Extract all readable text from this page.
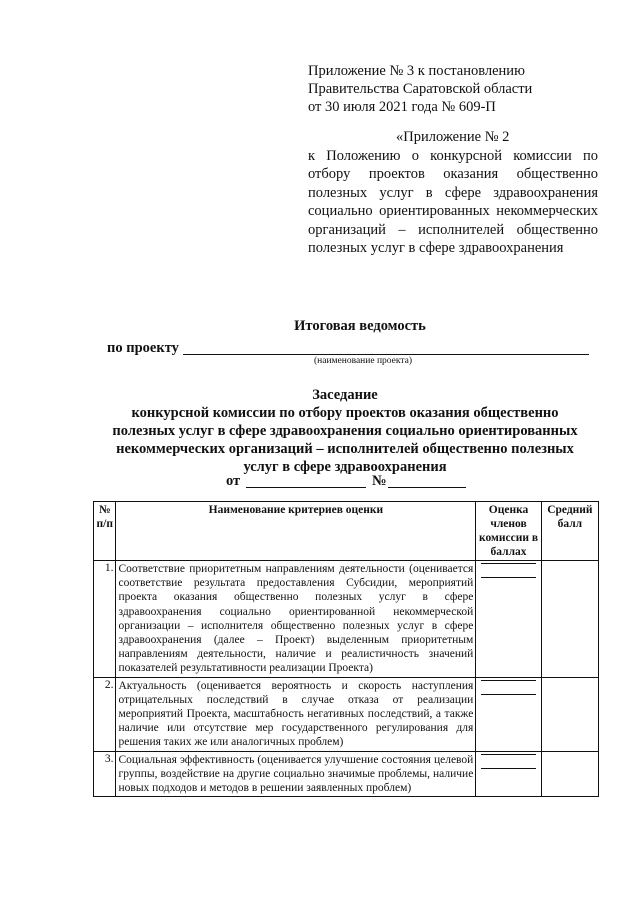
Приложение № 3 к постановлению
Правительства Саратовской области
от 30 июля 2021 года № 609-П
«Приложение № 2
к Положению о конкурсной комиссии по отбору проектов оказания общественно полезных услуг в сфере здравоохранения социально ориентированных некоммерческих организаций – исполнителей общественно полезных услуг в сфере здравоохранения
Итоговая ведомость
по проекту
(наименование проекта)
Заседание
конкурсной комиссии по отбору проектов оказания общественно
полезных услуг в сфере здравоохранения социально ориентированных
некоммерческих организаций – исполнителей общественно полезных
услуг в сфере здравоохранения
от	№
№ п/п	Наименование критериев оценки	Оценка членов комиссии в баллах	Средний балл
1.	Соответствие приоритетным направлениям деятельности (оценивается соответствие результата предоставления Субсидии, мероприятий проекта оказания общественно полезных услуг в сфере здравоохранения социально ориентированной некоммерческой организации – исполнителя общественно полезных услуг в сфере здравоохранения (далее – Проект) выделенным приоритетным направлениям деятельности, наличие и реалистичность значений показателей результативности реализации Проекта)	

2.	Актуальность (оценивается вероятность и скорость наступления отрицательных последствий в случае отказа от реализации мероприятий Проекта, масштабность негативных последствий, а также наличие или отсутствие мер государственного регулирования для решения таких же или аналогичных проблем)	

3.	Социальная эффективность (оценивается улучшение состояния целевой группы, воздействие на другие социально значимые проблемы, наличие новых подходов и методов в решении заявленных проблем)	
